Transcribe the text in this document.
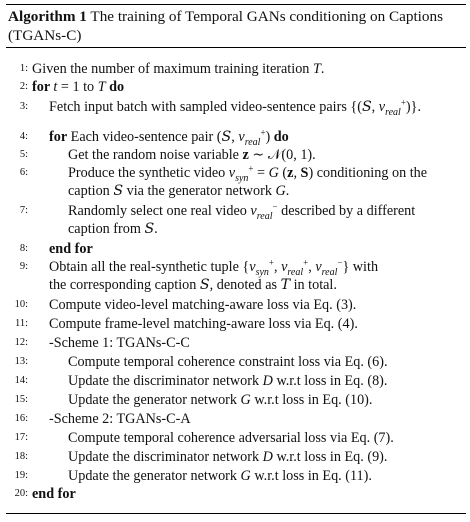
Algorithm 1 The training of Temporal GANs conditioning on Captions
(TGANs-C)
1: Given the number of maximum training iteration T.
2: for t = 1 to T do
3: Fetch input batch with sampled video-sentence pairs {(S, $v_{real}^+$)}.
4: for Each video-sentence pair (S, $v_{real}^+$) do
5:	Get the random noise variable z ∼ 𝒩(0, 1).
6:	Produce the synthetic video $v_{syn}^+ = G$ (z, S) conditioning on the
caption S via the generator network G.
7:	Randomly select one real video $v_{real}^-$ described by a different
caption from S.
8: end for
9: Obtain all the real-synthetic tuple {$v_{syn}^+$, $v_{real}^+$, $v_{real}^-$} with
the corresponding caption S, denoted as T in total.
10: Compute video-level matching-aware loss via Eq. (3).
11: Compute frame-level matching-aware loss via Eq. (4).
12: -Scheme 1: TGANs-C-C
13:	Compute temporal coherence constraint loss via Eq. (6).
14:	Update the discriminator network D w.r.t loss in Eq. (8).
15:	Update the generator network G w.r.t loss in Eq. (10).
16: -Scheme 2: TGANs-C-A
17:	Compute temporal coherence adversarial loss via Eq. (7).
18:	Update the discriminator network D w.r.t loss in Eq. (9).
19:	Update the generator network G w.r.t loss in Eq. (11).
20: end for
